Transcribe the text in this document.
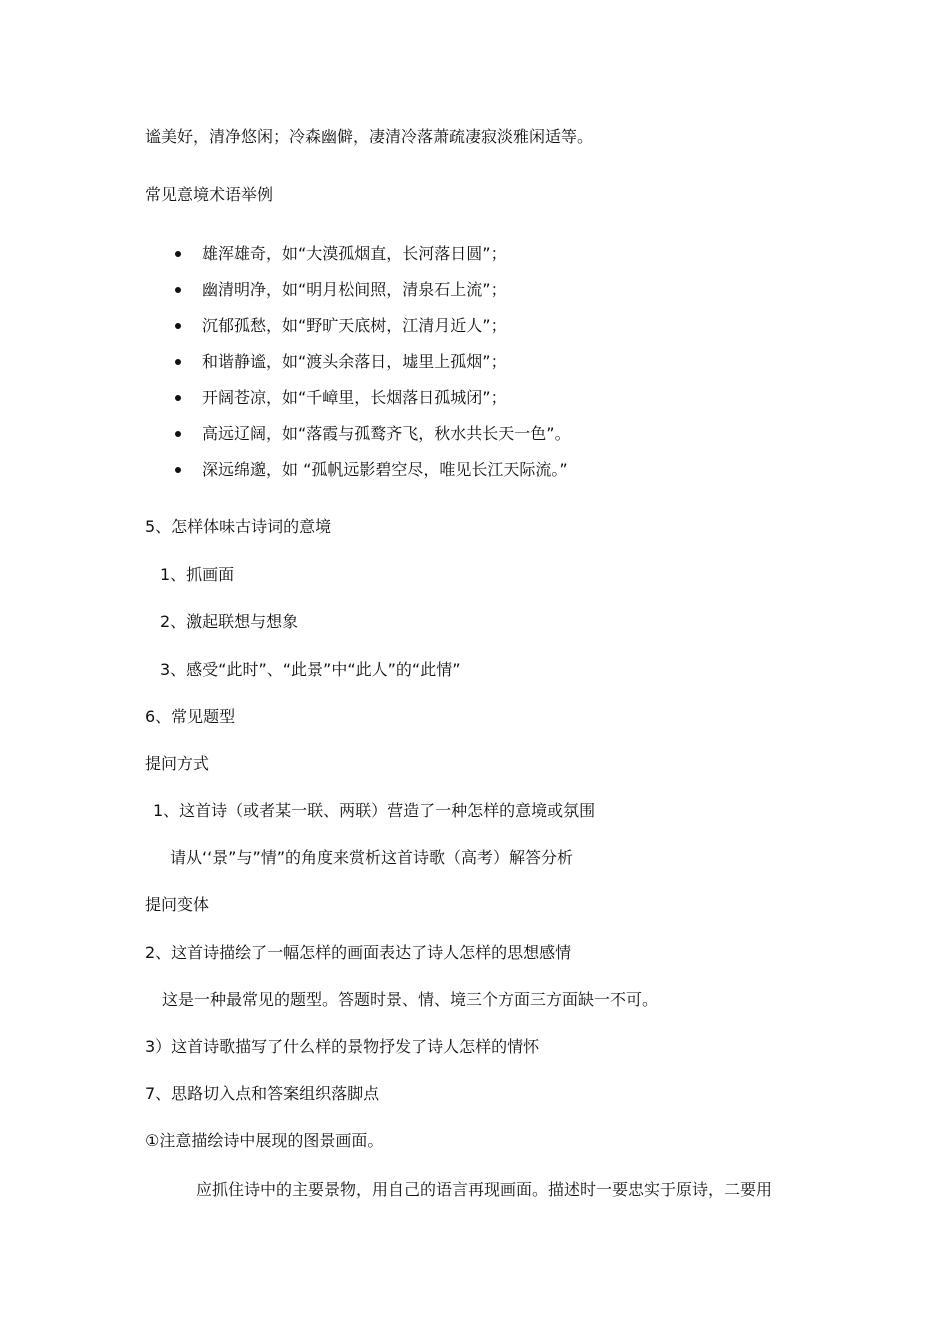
谧美好，清净悠闲；冷森幽僻，凄清冷落萧疏凄寂淡雅闲适等。
常见意境术语举例
雄浑雄奇，如“大漠孤烟直，长河落日圆”；
幽清明净，如“明月松间照，清泉石上流”；
沉郁孤愁，如“野旷天底树，江清月近人”；
和谐静谧，如“渡头余落日，墟里上孤烟”；
开阔苍凉，如“千嶂里，长烟落日孤城闭”；
高远辽阔，如“落霞与孤鹜齐飞，秋水共长天一色”。
深远绵邈，如 “孤帆远影碧空尽，唯见长江天际流。”
5、怎样体味古诗词的意境
1、抓画面
2、激起联想与想象
3、感受“此时”、“此景”中“此人”的“此情”
6、常见题型
提问方式
1、这首诗（或者某一联、两联）营造了一种怎样的意境或氛围
请从‘‘景”与”情”的角度来赏析这首诗歌（高考）解答分析
提问变体
2、这首诗描绘了一幅怎样的画面表达了诗人怎样的思想感情
这是一种最常见的题型。答题时景、情、境三个方面三方面缺一不可。
3）这首诗歌描写了什么样的景物抒发了诗人怎样的情怀
7、思路切入点和答案组织落脚点
①注意描绘诗中展现的图景画面。
应抓住诗中的主要景物，用自己的语言再现画面。描述时一要忠实于原诗，二要用
